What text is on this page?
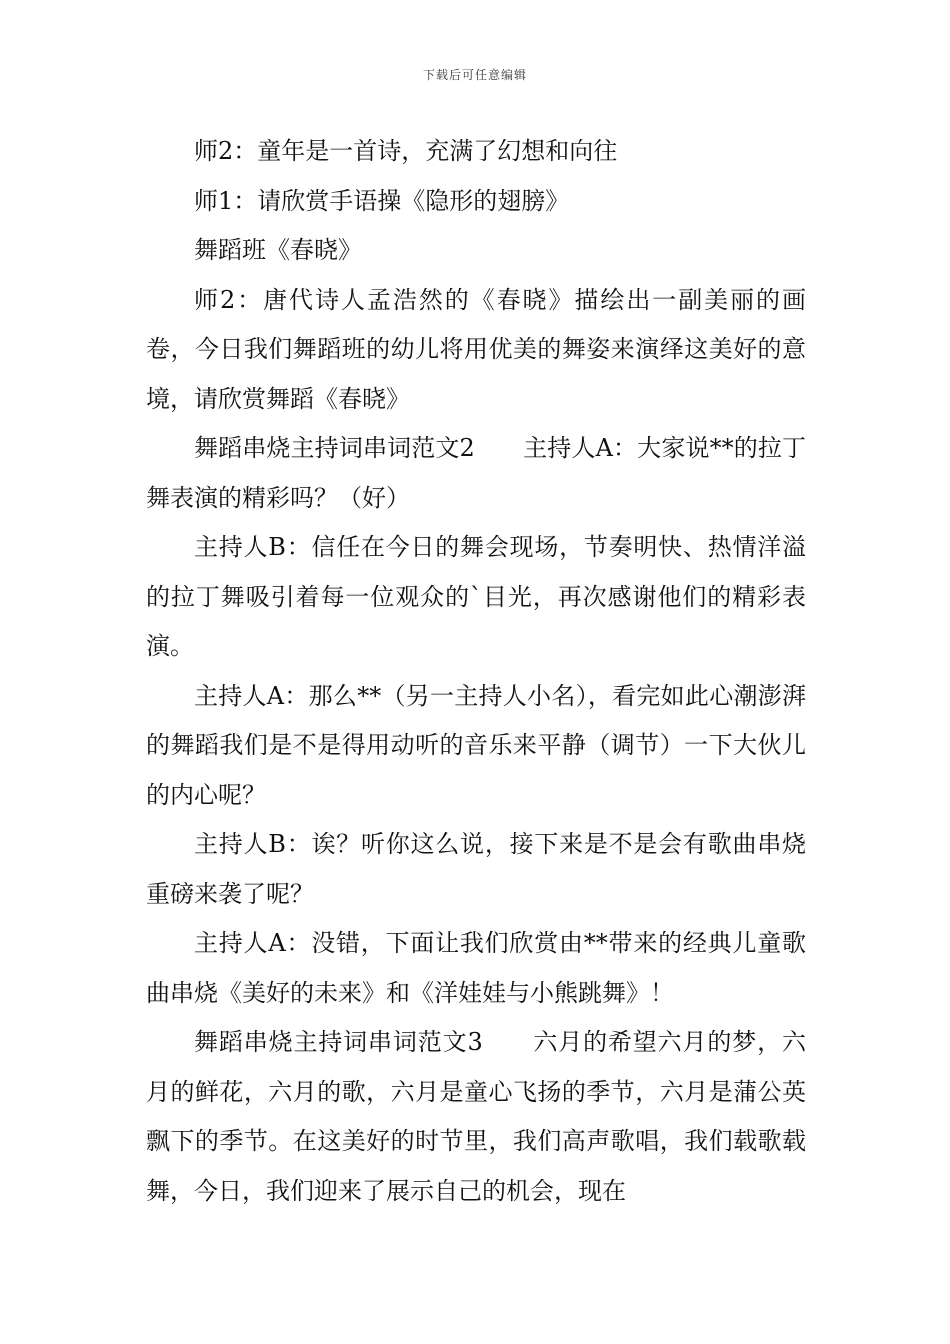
下载后可任意编辑

师2：童年是一首诗，充满了幻想和向往

师1：请欣赏手语操《隐形的翅膀》

舞蹈班《春晓》

师2：唐代诗人孟浩然的《春晓》描绘出一副美丽的画卷，今日我们舞蹈班的幼儿将用优美的舞姿来演绎这美好的意境，请欣赏舞蹈《春晓》

舞蹈串烧主持词串词范文2　　主持人A：大家说**的拉丁舞表演的精彩吗？（好）

主持人B：信任在今日的舞会现场，节奏明快、热情洋溢的拉丁舞吸引着每一位观众的`目光，再次感谢他们的精彩表演。

主持人A：那么**（另一主持人小名），看完如此心潮澎湃的舞蹈我们是不是得用动听的音乐来平静（调节）一下大伙儿的内心呢？

主持人B：诶？听你这么说，接下来是不是会有歌曲串烧重磅来袭了呢？

主持人A：没错，下面让我们欣赏由**带来的经典儿童歌曲串烧《美好的未来》和《洋娃娃与小熊跳舞》！

舞蹈串烧主持词串词范文3　　六月的希望六月的梦，六月的鲜花，六月的歌，六月是童心飞扬的季节，六月是蒲公英飘下的季节。在这美好的时节里，我们高声歌唱，我们载歌载舞，今日，我们迎来了展示自己的机会，现在
